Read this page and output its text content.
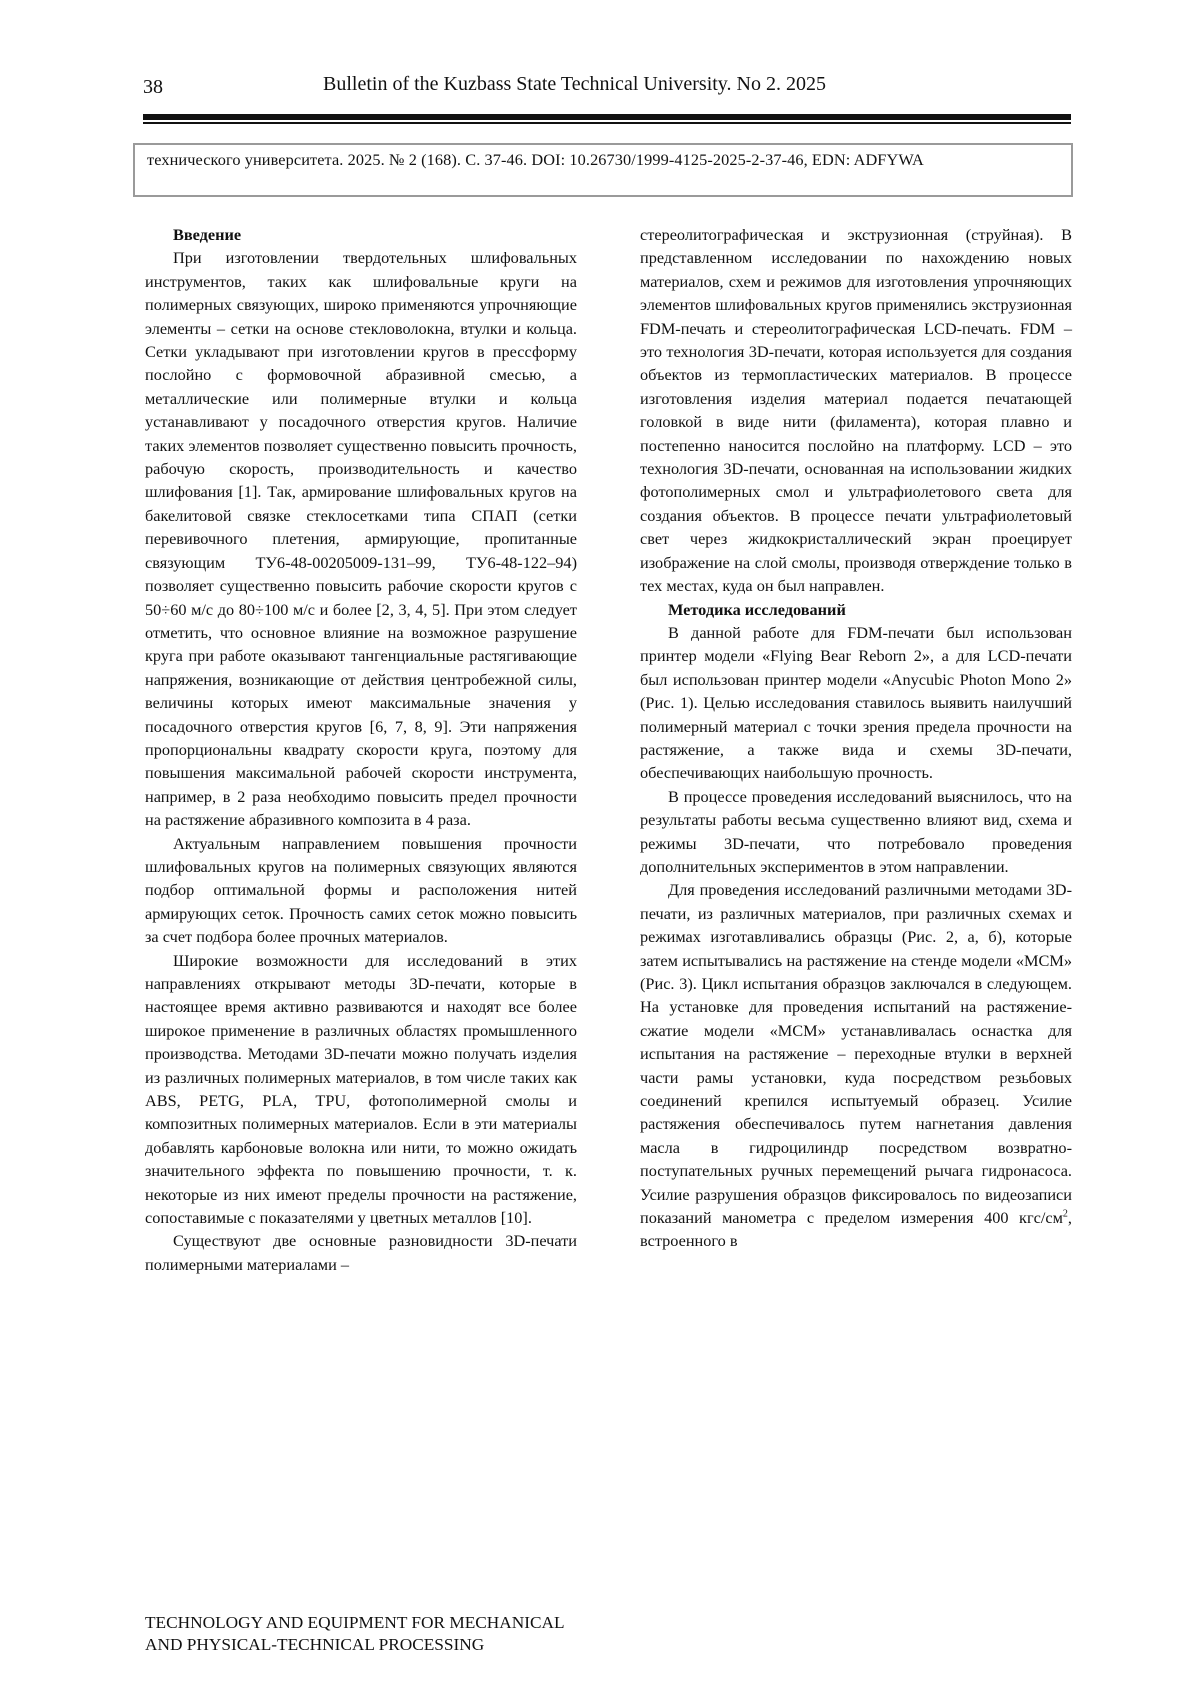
38	Bulletin of the Kuzbass State Technical University. No 2. 2025
технического университета. 2025. № 2 (168). С. 37-46. DOI: 10.26730/1999-4125-2025-2-37-46, EDN: ADFYWA
Введение

При изготовлении твердотельных шлифовальных инструментов, таких как шлифовальные круги на полимерных связующих, широко применяются упрочняющие элементы – сетки на основе стекловолокна, втулки и кольца. Сетки укладывают при изготовлении кругов в прессформу послойно с формовочной абразивной смесью, а металлические или полимерные втулки и кольца устанавливают у посадочного отверстия кругов. Наличие таких элементов позволяет существенно повысить прочность, рабочую скорость, производительность и качество шлифования [1]. Так, армирование шлифовальных кругов на бакелитовой связке стеклосетками типа СПАП (сетки перевивочного плетения, армирующие, пропитанные связующим ТУ6-48-00205009-131–99, ТУ6-48-122–94) позволяет существенно повысить рабочие скорости кругов с 50÷60 м/с до 80÷100 м/с и более [2, 3, 4, 5]. При этом следует отметить, что основное влияние на возможное разрушение круга при работе оказывают тангенциальные растягивающие напряжения, возникающие от действия центробежной силы, величины которых имеют максимальные значения у посадочного отверстия кругов [6, 7, 8, 9]. Эти напряжения пропорциональны квадрату скорости круга, поэтому для повышения максимальной рабочей скорости инструмента, например, в 2 раза необходимо повысить предел прочности на растяжение абразивного композита в 4 раза.

Актуальным направлением повышения прочности шлифовальных кругов на полимерных связующих являются подбор оптимальной формы и расположения нитей армирующих сеток. Прочность самих сеток можно повысить за счет подбора более прочных материалов.

Широкие возможности для исследований в этих направлениях открывают методы 3D-печати, которые в настоящее время активно развиваются и находят все более широкое применение в различных областях промышленного производства. Методами 3D-печати можно получать изделия из различных полимерных материалов, в том числе таких как ABS, PETG, PLA, TPU, фотополимерной смолы и композитных полимерных материалов. Если в эти материалы добавлять карбоновые волокна или нити, то можно ожидать значительного эффекта по повышению прочности, т. к. некоторые из них имеют пределы прочности на растяжение, сопоставимые с показателями у цветных металлов [10].

Существуют две основные разновидности 3D-печати полимерными материалами –

стереолитографическая и экструзионная (струйная). В представленном исследовании по нахождению новых материалов, схем и режимов для изготовления упрочняющих элементов шлифовальных кругов применялись экструзионная FDM-печать и стереолитографическая LCD-печать. FDM – это технология 3D-печати, которая используется для создания объектов из термопластических материалов. В процессе изготовления изделия материал подается печатающей головкой в виде нити (филамента), которая плавно и постепенно наносится послойно на платформу. LCD – это технология 3D-печати, основанная на использовании жидких фотополимерных смол и ультрафиолетового света для создания объектов. В процессе печати ультрафиолетовый свет через жидкокристаллический экран проецирует изображение на слой смолы, производя отверждение только в тех местах, куда он был направлен.

Методика исследований

В данной работе для FDM-печати был использован принтер модели «Flying Bear Reborn 2», а для LCD-печати был использован принтер модели «Anycubic Photon Mono 2» (Рис. 1). Целью исследования ставилось выявить наилучший полимерный материал с точки зрения предела прочности на растяжение, а также вида и схемы 3D-печати, обеспечивающих наибольшую прочность.

В процессе проведения исследований выяснилось, что на результаты работы весьма существенно влияют вид, схема и режимы 3D-печати, что потребовало проведения дополнительных экспериментов в этом направлении.

Для проведения исследований различными методами 3D-печати, из различных материалов, при различных схемах и режимах изготавливались образцы (Рис. 2, а, б), которые затем испытывались на растяжение на стенде модели «МСМ» (Рис. 3). Цикл испытания образцов заключался в следующем. На установке для проведения испытаний на растяжение-сжатие модели «МСМ» устанавливалась оснастка для испытания на растяжение – переходные втулки в верхней части рамы установки, куда посредством резьбовых соединений крепился испытуемый образец. Усилие растяжения обеспечивалось путем нагнетания давления масла в гидроцилиндр посредством возвратно-поступательных ручных перемещений рычага гидронасоса. Усилие разрушения образцов фиксировалось по видеозаписи показаний манометра с пределом измерения 400 кгс/$см^2$, встроенного в

TECHNOLOGY AND EQUIPMENT FOR MECHANICAL
AND PHYSICAL-TECHNICAL PROCESSING
